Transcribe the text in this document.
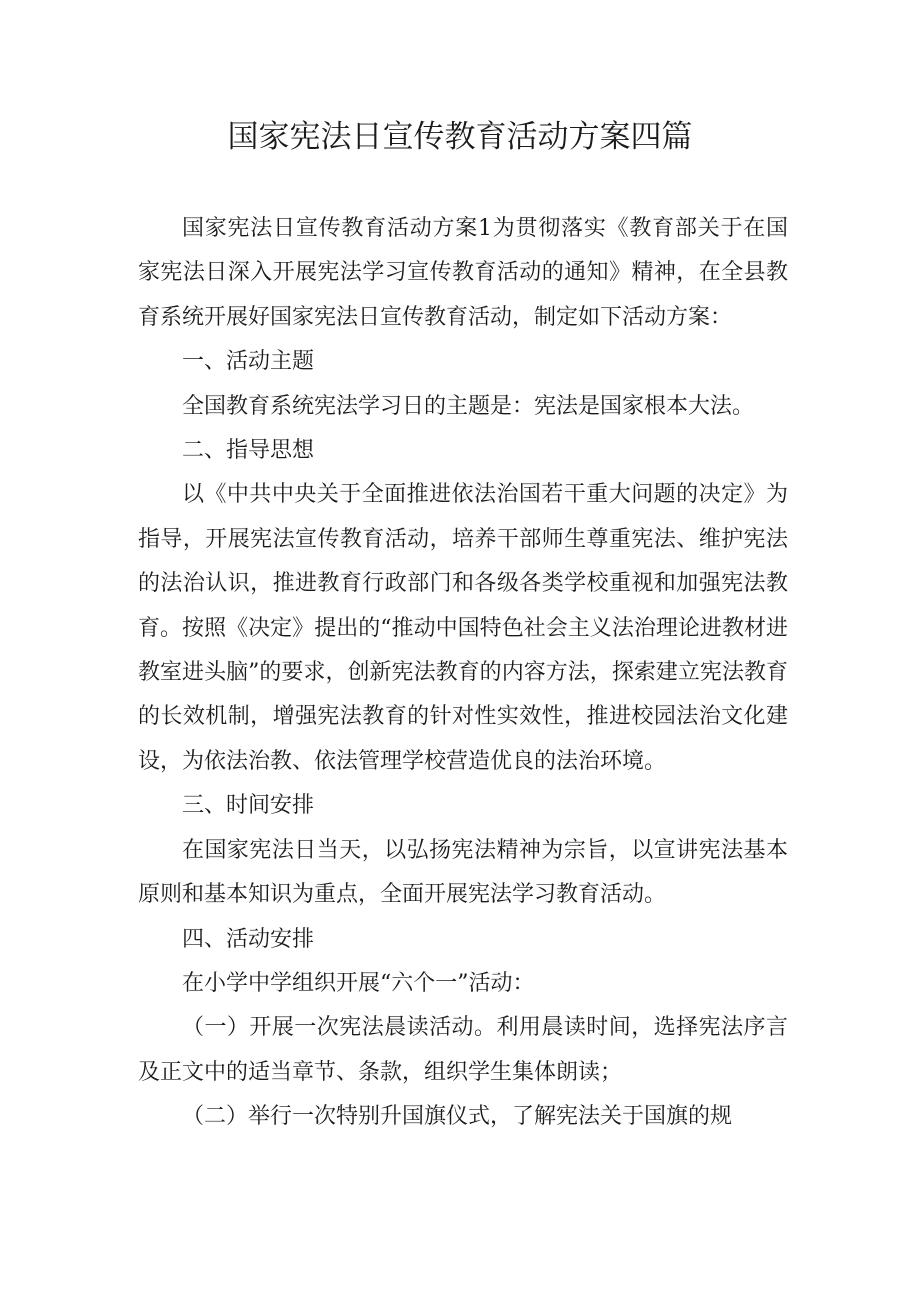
国家宪法日宣传教育活动方案四篇

国家宪法日宣传教育活动方案1为贯彻落实《教育部关于在国家宪法日深入开展宪法学习宣传教育活动的通知》精神，在全县教育系统开展好国家宪法日宣传教育活动，制定如下活动方案：

一、活动主题

全国教育系统宪法学习日的主题是：宪法是国家根本大法。

二、指导思想

以《中共中央关于全面推进依法治国若干重大问题的决定》为指导，开展宪法宣传教育活动，培养干部师生尊重宪法、维护宪法的法治认识，推进教育行政部门和各级各类学校重视和加强宪法教育。按照《决定》提出的“推动中国特色社会主义法治理论进教材进教室进头脑”的要求，创新宪法教育的内容方法，探索建立宪法教育的长效机制，增强宪法教育的针对性实效性，推进校园法治文化建设，为依法治教、依法管理学校营造优良的法治环境。

三、时间安排

在国家宪法日当天，以弘扬宪法精神为宗旨，以宣讲宪法基本原则和基本知识为重点，全面开展宪法学习教育活动。

四、活动安排

在小学中学组织开展“六个一”活动：

（一）开展一次宪法晨读活动。利用晨读时间，选择宪法序言及正文中的适当章节、条款，组织学生集体朗读；

（二）举行一次特别升国旗仪式，了解宪法关于国旗的规
